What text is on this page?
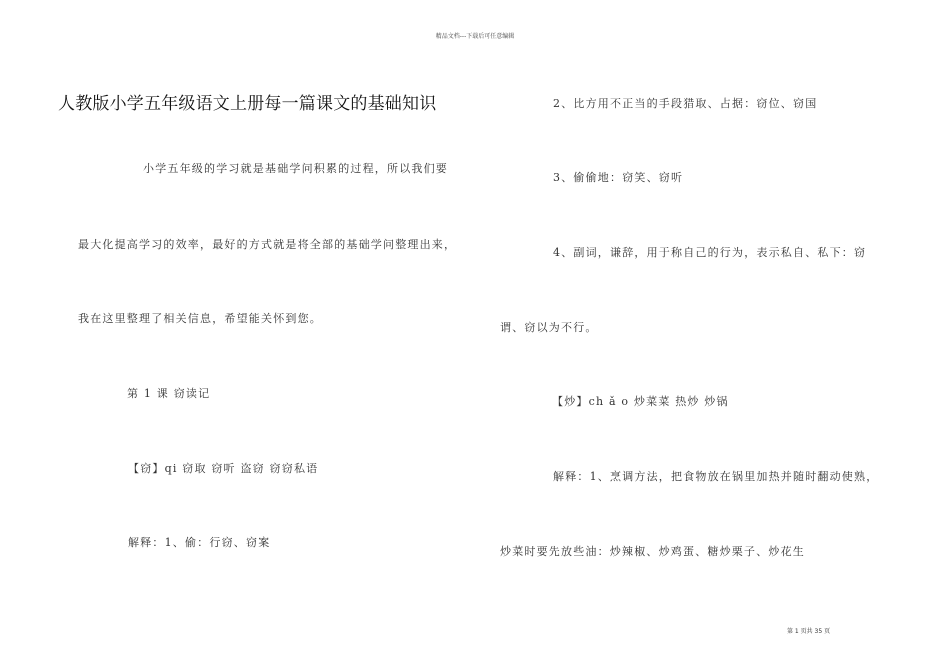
精品文档---下载后可任意编辑
人教版小学五年级语文上册每一篇课文的基础知识
小学五年级的学习就是基础学问积累的过程，所以我们要
最大化提高学习的效率，最好的方式就是将全部的基础学问整理出来，
我在这里整理了相关信息，希望能关怀到您。
第 1 课 窃读记
【窃】qi 窃取 窃听 盗窃 窃窃私语
解释：1、偷：行窃、窃案
2、比方用不正当的手段猎取、占据：窃位、窃国
3、偷偷地：窃笑、窃听
4、副词，谦辞，用于称自己的行为，表示私自、私下：窃
谓、窃以为不行。
【炒】ch ǎ o 炒菜菜 热炒 炒锅
解释：1、烹调方法，把食物放在锅里加热并随时翻动使熟，
炒菜时要先放些油：炒辣椒、炒鸡蛋、糖炒栗子、炒花生
第 1 页共 35 页
